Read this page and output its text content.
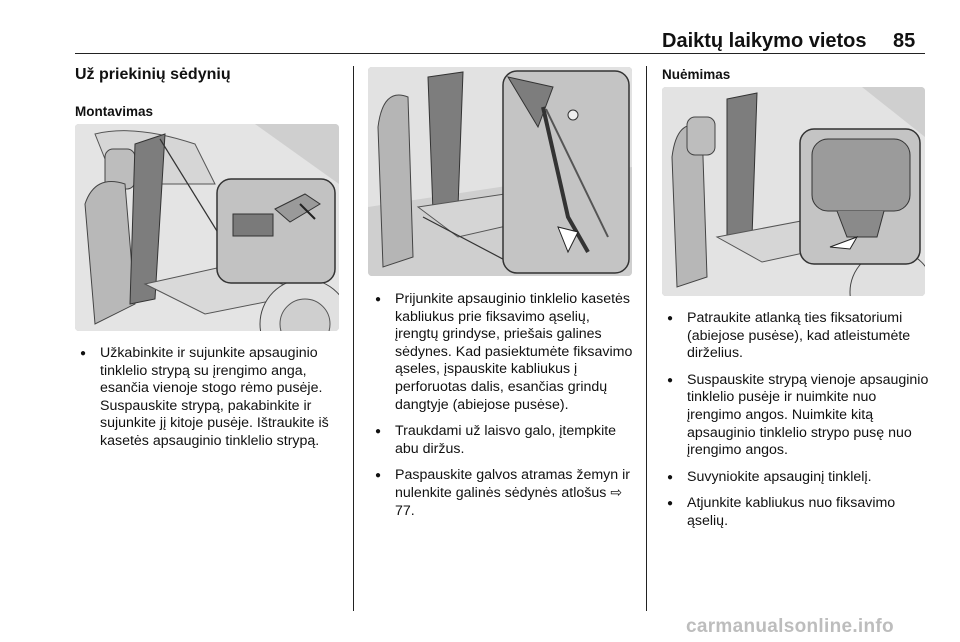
Daiktų laikymo vietos 85
Už priekinių sėdynių
Montavimas
● Užkabinkite ir sujunkite apsauginio tinklelio strypą su įrengimo anga, esančia vienoje stogo rėmo pusėje. Suspauskite strypą, pakabinkite ir sujunkite jį kitoje pusėje. Ištraukite iš kasetės apsauginio tinklelio strypą.
● Prijunkite apsauginio tinklelio kasetės kabliukus prie fiksavimo ąselių, įrengtų grindyse, priešais galines sėdynes. Kad pasiektumėte fiksavimo ąseles, įspauskite kabliukus į perforuotas dalis, esančias grindų dangtyje (abiejose pusėse).
● Traukdami už laisvo galo, įtempkite abu diržus.
● Paspauskite galvos atramas žemyn ir nulenkite galinės sėdynės atlošus ⇨ 77.
Nuėmimas
● Patraukite atlanką ties fiksatoriumi (abiejose pusėse), kad atleistumėte dirželius.
● Suspauskite strypą vienoje apsauginio tinklelio pusėje ir nuimkite nuo įrengimo angos. Nuimkite kitą apsauginio tinklelio strypo pusę nuo įrengimo angos.
● Suvyniokite apsauginį tinklelį.
● Atjunkite kabliukus nuo fiksavimo ąselių.
carmanualsonline.info
